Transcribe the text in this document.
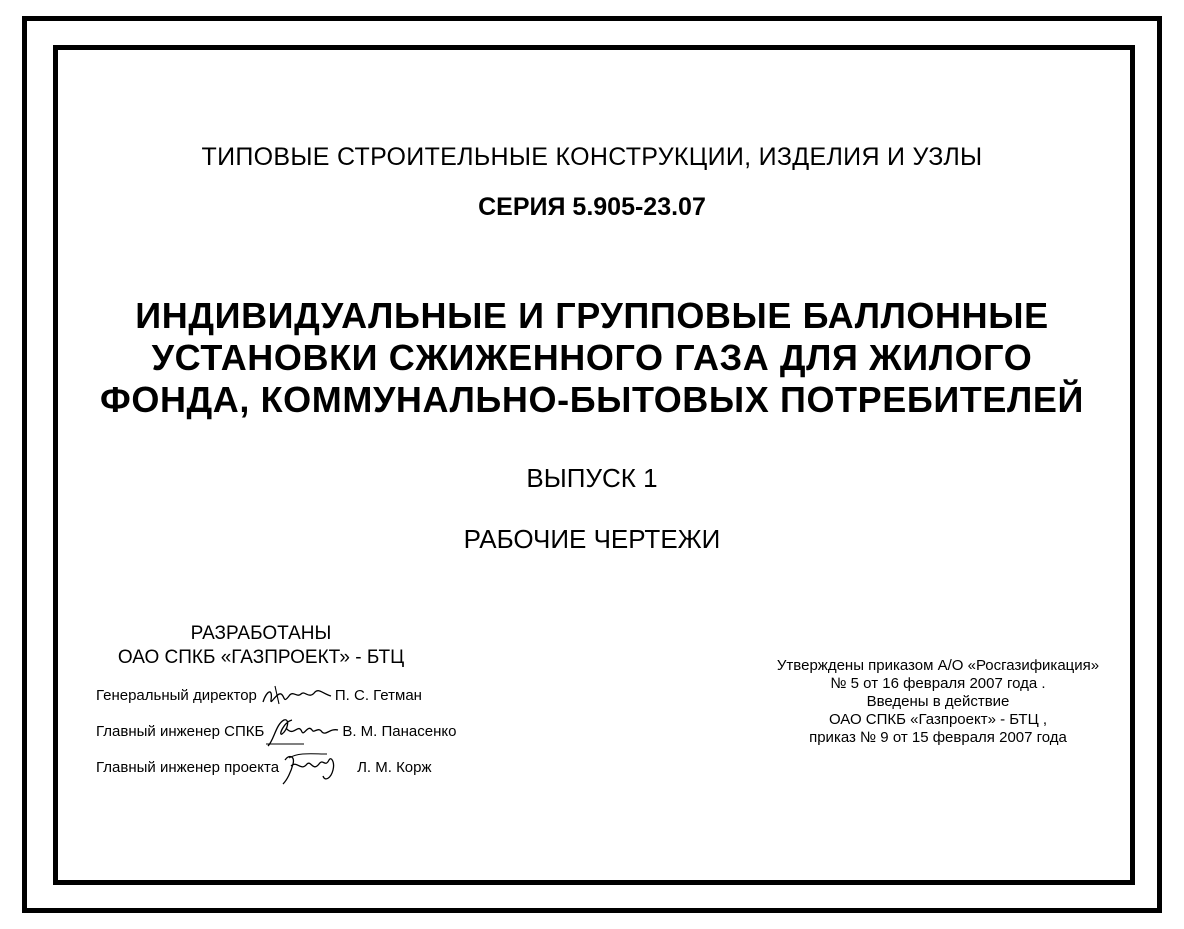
ТИПОВЫЕ СТРОИТЕЛЬНЫЕ КОНСТРУКЦИИ, ИЗДЕЛИЯ И УЗЛЫ
СЕРИЯ 5.905-23.07
ИНДИВИДУАЛЬНЫЕ И ГРУППОВЫЕ БАЛЛОННЫЕ
УСТАНОВКИ СЖИЖЕННОГО ГАЗА ДЛЯ ЖИЛОГО
ФОНДА, КОММУНАЛЬНО-БЫТОВЫХ ПОТРЕБИТЕЛЕЙ
ВЫПУСК 1
РАБОЧИЕ ЧЕРТЕЖИ
РАЗРАБОТАНЫ
ОАО СПКБ «ГАЗПРОЕКТ» - БТЦ
Генеральный директор	П. С. Гетман
Главный инженер СПКБ	В. М. Панасенко
Главный инженер проекта	Л. М. Корж
Утверждены приказом А/О «Росгазификация»
№ 5 от 16 февраля 2007 года .
Введены в действие
ОАО СПКБ «Газпроект» - БТЦ ,
приказ № 9 от 15 февраля 2007 года
